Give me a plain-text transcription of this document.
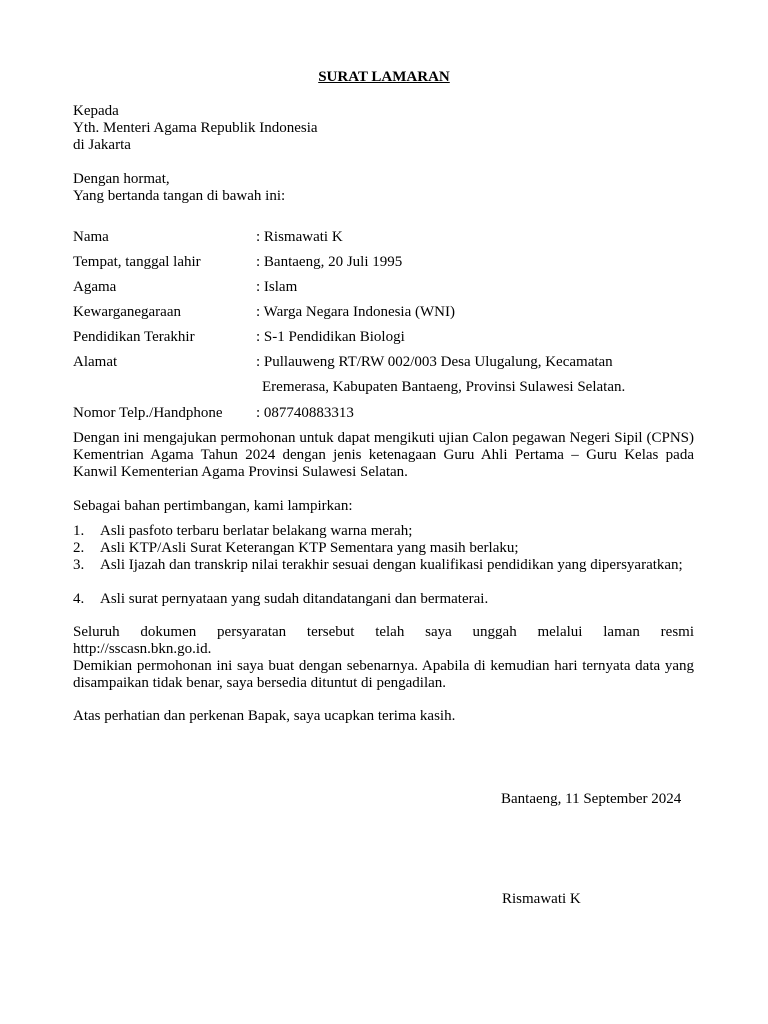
SURAT LAMARAN
Kepada
Yth. Menteri Agama Republik Indonesia
di Jakarta
Dengan hormat,
Yang bertanda tangan di bawah ini:
Nama	: Rismawati K
Tempat, tanggal lahir	: Bantaeng, 20 Juli 1995
Agama	: Islam
Kewarganegaraan	: Warga Negara Indonesia (WNI)
Pendidikan Terakhir	: S-1 Pendidikan Biologi
Alamat	: Pullauweng RT/RW 002/003 Desa Ulugalung, Kecamatan
Eremerasa, Kabupaten Bantaeng, Provinsi Sulawesi Selatan.
Nomor Telp./Handphone : 087740883313
Dengan ini mengajukan permohonan untuk dapat mengikuti ujian Calon pegawan Negeri Sipil (CPNS) Kementrian Agama Tahun 2024 dengan jenis ketenagaan Guru Ahli Pertama – Guru Kelas pada Kanwil Kementerian Agama Provinsi Sulawesi Selatan.
Sebagai bahan pertimbangan, kami lampirkan:
1. Asli pasfoto terbaru berlatar belakang warna merah;
2. Asli KTP/Asli Surat Keterangan KTP Sementara yang masih berlaku;
3. Asli Ijazah dan transkrip nilai terakhir sesuai dengan kualifikasi pendidikan yang dipersyaratkan;
4. Asli surat pernyataan yang sudah ditandatangani dan bermaterai.
Seluruh dokumen persyaratan tersebut telah saya unggah melalui laman resmi
http://sscasn.bkn.go.id.
Demikian permohonan ini saya buat dengan sebenarnya. Apabila di kemudian hari ternyata data yang disampaikan tidak benar, saya bersedia dituntut di pengadilan.
Atas perhatian dan perkenan Bapak, saya ucapkan terima kasih.
Bantaeng, 11 September 2024
Rismawati K
